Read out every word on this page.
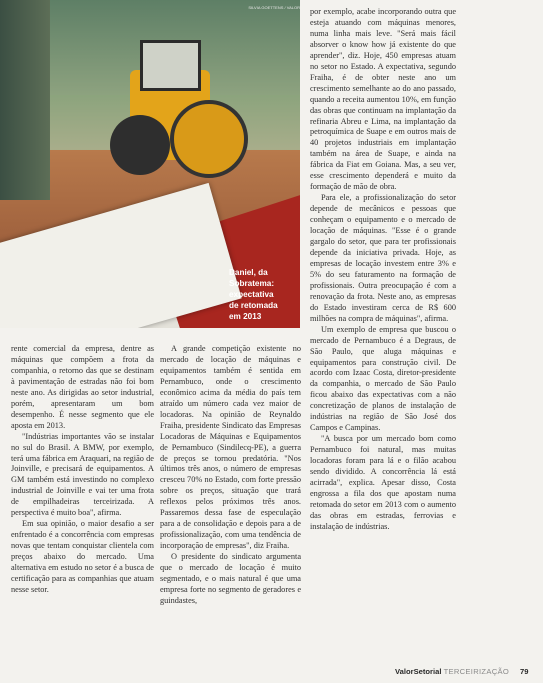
SILVIA GOETTENS / VALOR
Daniel, da
Sobratema:
expectativa
de retomada
em 2013

rente comercial da empresa, dentre as máquinas que compõem a frota da companhia, o retorno das que se destinam à pavimentação de estradas não foi bom neste ano. As dirigidas ao setor industrial, porém, apresentaram um bom desempenho. É nesse segmento que ele aposta em 2013.

"Indústrias importantes vão se instalar no sul do Brasil. A BMW, por exemplo, terá uma fábrica em Araquari, na região de Joinville, e precisará de equipamentos. A GM também está investindo no complexo industrial de Joinville e vai ter uma frota de empilhadeiras terceirizada. A perspectiva é muito boa", afirma.

Em sua opinião, o maior desafio a ser enfrentado é a concorrência com empresas novas que tentam conquistar clientela com preços abaixo do mercado. Uma alternativa em estudo no setor é a busca de certificação para as companhias que atuam nesse setor.

A grande competição existente no mercado de locação de máquinas e equipamentos também é sentida em Pernambuco, onde o crescimento econômico acima da média do país tem atraído um número cada vez maior de locadoras. Na opinião de Reynaldo Fraiha, presidente Sindicato das Empresas Locadoras de Máquinas e Equipamentos de Pernambuco (Sindilecq-PE), a guerra de preços se tornou predatória. "Nos últimos três anos, o número de empresas cresceu 70% no Estado, com forte pressão sobre os preços, situação que trará reflexos pelos próximos três anos. Passaremos dessa fase de especulação para a de consolidação e depois para a de profissionalização, com uma tendência de incorporação de empresas", diz Fraiha.

O presidente do sindicato argumenta que o mercado de locação é muito segmentado, e o mais natural é que uma empresa forte no segmento de geradores e guindastes,

por exemplo, acabe incorporando outra que esteja atuando com máquinas menores, numa linha mais leve. "Será mais fácil absorver o know how já existente do que aprender", diz. Hoje, 450 empresas atuam no setor no Estado. A expectativa, segundo Fraiha, é de obter neste ano um crescimento semelhante ao do ano passado, quando a receita aumentou 10%, em função das obras que continuam na implantação da refinaria Abreu e Lima, na implantação da petroquímica de Suape e em outros mais de 40 projetos industriais em implantação também na área de Suape, e ainda na fábrica da Fiat em Goiana. Mas, a seu ver, esse crescimento dependerá e muito da formação de mão de obra.

Para ele, a profissionalização do setor depende de mecânicos e pessoas que conheçam o equipamento e o mercado de locação de máquinas. "Esse é o grande gargalo do setor, que para ter profissionais depende da iniciativa privada. Hoje, as empresas de locação investem entre 3% e 5% do seu faturamento na formação de profissionais. Outra preocupação é com a renovação da frota. Neste ano, as empresas do Estado investiram cerca de R$ 600 milhões na compra de máquinas", afirma.

Um exemplo de empresa que buscou o mercado de Pernambuco é a Degraus, de São Paulo, que aluga máquinas e equipamentos para construção civil. De acordo com Izaac Costa, diretor-presidente da companhia, o mercado de São Paulo ficou abaixo das expectativas com a não concretização de planos de instalação de indústrias na região de São José dos Campos e Campinas.

"A busca por um mercado bom como Pernambuco foi natural, mas muitas locadoras foram para lá e o filão acabou sendo dividido. A concorrência lá está acirrada", explica. Apesar disso, Costa engrossa a fila dos que apostam numa retomada do setor em 2013 com o aumento das obras em estradas, ferrovias e instalação de indústrias.

ValorSetorial TERCEIRIZAÇÃO 79
